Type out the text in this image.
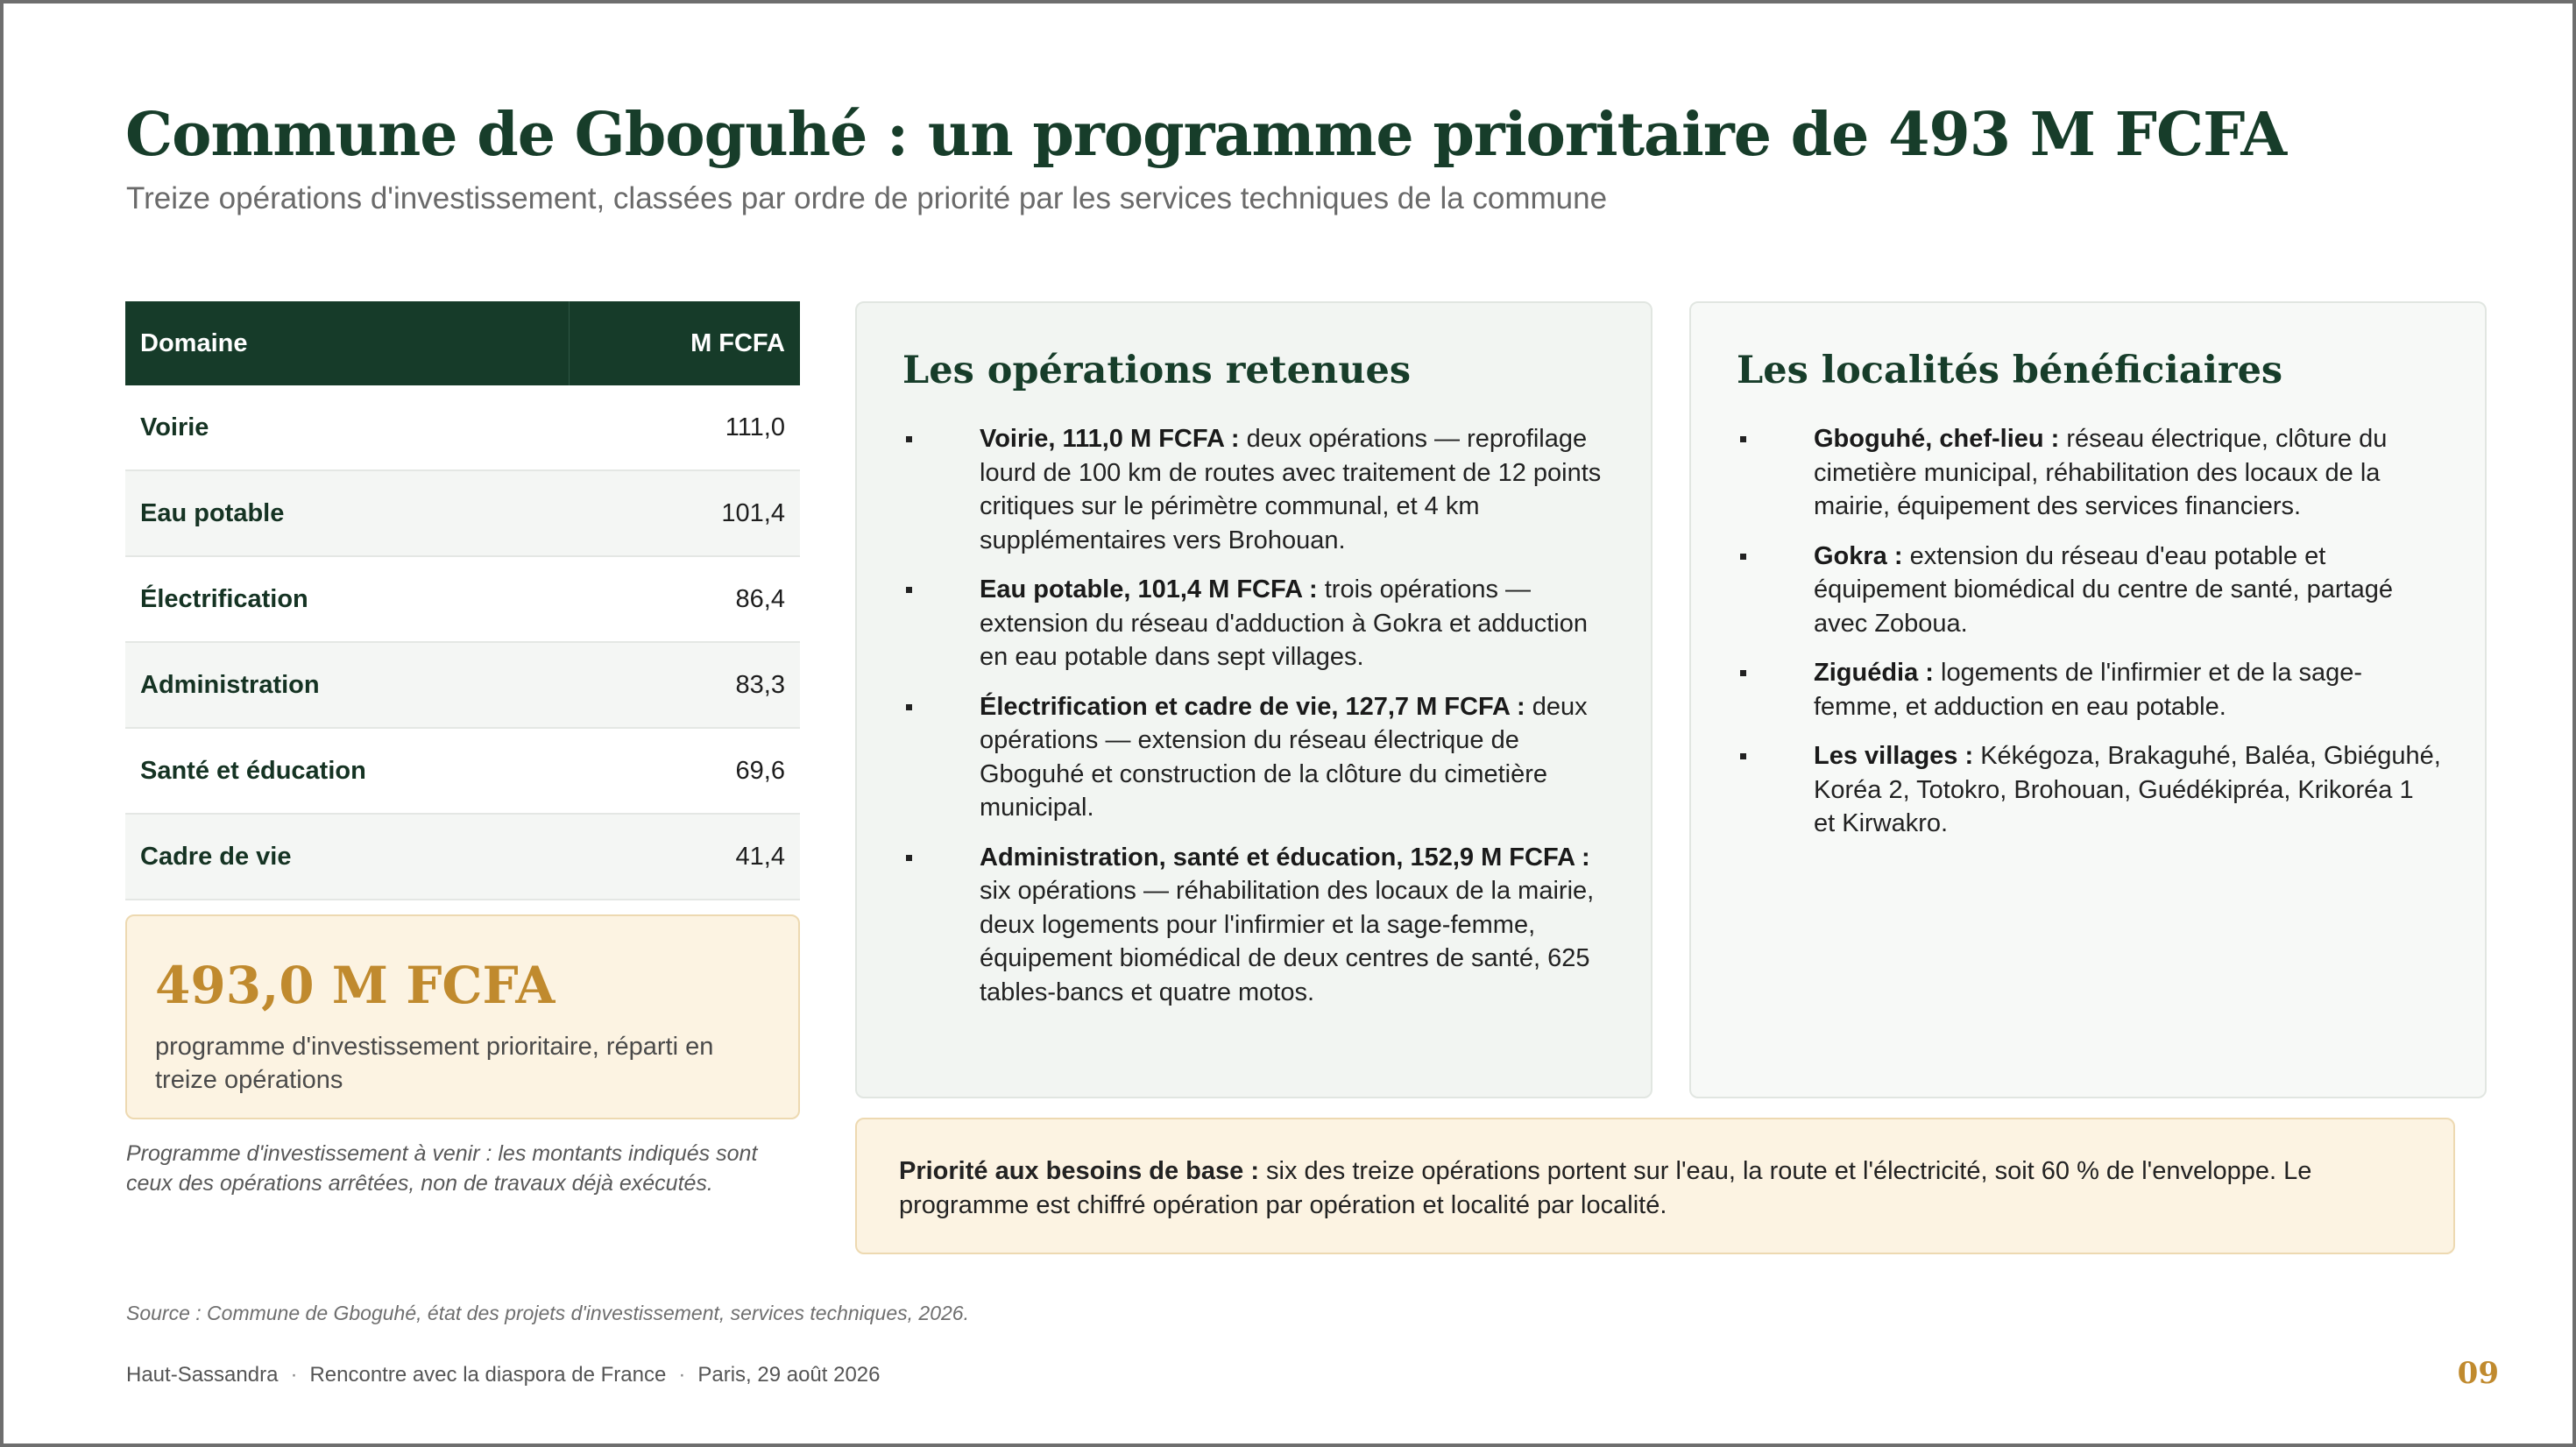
Commune de Gboguhé : un programme prioritaire de 493 M FCFA
Treize opérations d'investissement, classées par ordre de priorité par les services techniques de la commune
Domaine	M FCFA
Voirie	111,0
Eau potable	101,4
Électrification	86,4
Administration	83,3
Santé et éducation	69,6
Cadre de vie	41,4
493,0 M FCFA
programme d'investissement prioritaire, réparti en treize opérations
Programme d'investissement à venir : les montants indiqués sont ceux des opérations arrêtées, non de travaux déjà exécutés.
Les opérations retenues
Voirie, 111,0 M FCFA : deux opérations — reprofilage lourd de 100 km de routes avec traitement de 12 points critiques sur le périmètre communal, et 4 km supplémentaires vers Brohouan.
Eau potable, 101,4 M FCFA : trois opérations — extension du réseau d'adduction à Gokra et adduction en eau potable dans sept villages.
Électrification et cadre de vie, 127,7 M FCFA : deux opérations — extension du réseau électrique de Gboguhé et construction de la clôture du cimetière municipal.
Administration, santé et éducation, 152,9 M FCFA : six opérations — réhabilitation des locaux de la mairie, deux logements pour l'infirmier et la sage-femme, équipement biomédical de deux centres de santé, 625 tables-bancs et quatre motos.
Les localités bénéficiaires
Gboguhé, chef-lieu : réseau électrique, clôture du cimetière municipal, réhabilitation des locaux de la mairie, équipement des services financiers.
Gokra : extension du réseau d'eau potable et équipement biomédical du centre de santé, partagé avec Zoboua.
Ziguédia : logements de l'infirmier et de la sage-femme, et adduction en eau potable.
Les villages : Kékégoza, Brakaguhé, Baléa, Gbiéguhé, Koréa 2, Totokro, Brohouan, Guédékipréa, Krikoréa 1 et Kirwakro.
Priorité aux besoins de base : six des treize opérations portent sur l'eau, la route et l'électricité, soit 60 % de l'enveloppe. Le programme est chiffré opération par opération et localité par localité.
Source : Commune de Gboguhé, état des projets d'investissement, services techniques, 2026.
Haut-Sassandra · Rencontre avec la diaspora de France · Paris, 29 août 2026	09
